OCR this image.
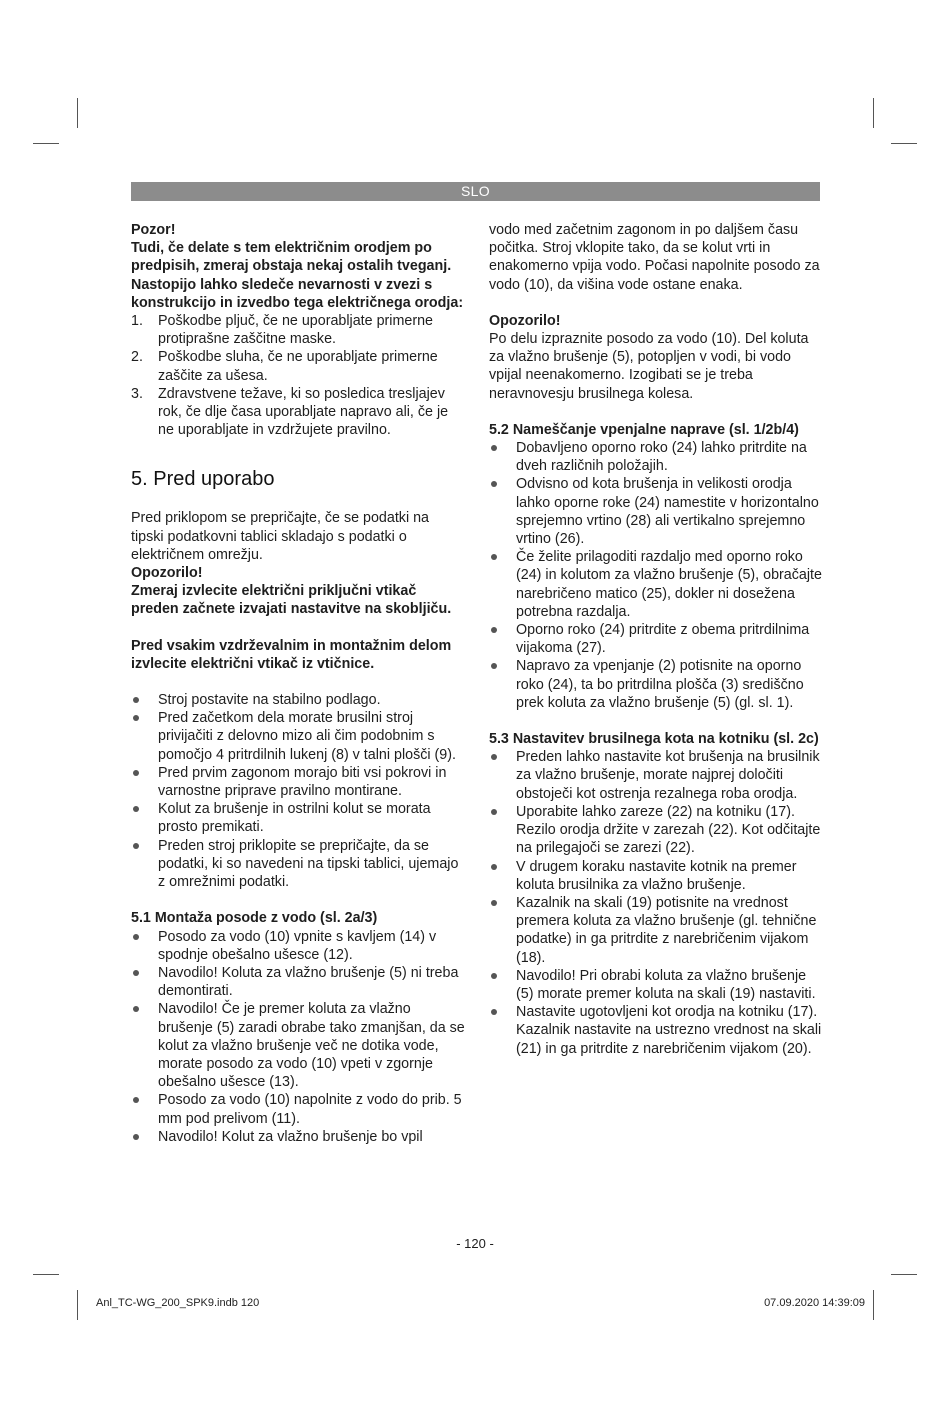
SLO

Pozor!

Tudi, če delate s tem električnim orodjem po predpisih, zmeraj obstaja nekaj ostalih tveganj. Nastopijo lahko sledeče nevarnosti v zvezi s konstrukcijo in izvedbo tega električnega orodja:

1. Poškodbe pljuč, če ne uporabljate primerne protiprašne zaščitne maske.
2. Poškodbe sluha, če ne uporabljate primerne zaščite za ušesa.
3. Zdravstvene težave, ki so posledica tresljajev rok, če dlje časa uporabljate napravo ali, če je ne uporabljate in vzdržujete pravilno.
5. Pred uporabo

Pred priklopom se prepričajte, če se podatki na tipski podatkovni tablici skladajo s podatki o električnem omrežju.

Opozorilo!

Zmeraj izvlecite električni priključni vtikač preden začnete izvajati nastavitve na skobljiču.

Pred vsakim vzdrževalnim in montažnim delom izvlecite električni vtikač iz vtičnice.

Stroj postavite na stabilno podlago.
Pred začetkom dela morate brusilni stroj privijačiti z delovno mizo ali čim podobnim s pomočjo 4 pritrdilnih lukenj (8) v talni plošči (9).
Pred prvim zagonom morajo biti vsi pokrovi in varnostne priprave pravilno montirane.
Kolut za brušenje in ostrilni kolut se morata prosto premikati.
Preden stroj priklopite se prepričajte, da se podatki, ki so navedeni na tipski tablici, ujemajo z omrežnimi podatki.
5.1 Montaža posode z vodo (sl. 2a/3)
Posodo za vodo (10) vpnite s kavljem (14) v spodnje obešalno ušesce (12).
Navodilo! Koluta za vlažno brušenje (5) ni treba demontirati.
Navodilo! Če je premer koluta za vlažno brušenje (5) zaradi obrabe tako zmanjšan, da se kolut za vlažno brušenje več ne dotika vode, morate posodo za vodo (10) vpeti v zgornje obešalno ušesce (13).
Posodo za vodo (10) napolnite z vodo do prib. 5 mm pod prelivom (11).
Navodilo! Kolut za vlažno brušenje bo vpil

vodo med začetnim zagonom in po daljšem času počitka. Stroj vklopite tako, da se kolut vrti in enakomerno vpija vodo. Počasi napolnite posodo za vodo (10), da višina vode ostane enaka.

Opozorilo!

Po delu izpraznite posodo za vodo (10). Del koluta za vlažno brušenje (5), potopljen v vodi, bi vodo vpijal neenakomerno. Izogibati se je treba neravnovesju brusilnega kolesa.

5.2 Nameščanje vpenjalne naprave (sl. 1/2b/4)
Dobavljeno oporno roko (24) lahko pritrdite na dveh različnih položajih.
Odvisno od kota brušenja in velikosti orodja lahko oporne roke (24) namestite v horizontalno sprejemno vrtino (28) ali vertikalno sprejemno vrtino (26).
Če želite prilagoditi razdaljo med oporno roko (24) in kolutom za vlažno brušenje (5), obračajte narebričeno matico (25), dokler ni dosežena potrebna razdalja.
Oporno roko (24) pritrdite z obema pritrdilnima vijakoma (27).
Napravo za vpenjanje (2) potisnite na oporno roko (24), ta bo pritrdilna plošča (3) središčno prek koluta za vlažno brušenje (5) (gl. sl. 1).
5.3 Nastavitev brusilnega kota na kotniku (sl. 2c)
Preden lahko nastavite kot brušenja na brusilnik za vlažno brušenje, morate najprej določiti obstoječi kot ostrenja rezalnega roba orodja.
Uporabite lahko zareze (22) na kotniku (17). Rezilo orodja držite v zarezah (22). Kot odčitajte na prilegajoči se zarezi (22).
V drugem koraku nastavite kotnik na premer koluta brusilnika za vlažno brušenje.
Kazalnik na skali (19) potisnite na vrednost premera koluta za vlažno brušenje (gl. tehnične podatke) in ga pritrdite z narebričenim vijakom (18).
Navodilo! Pri obrabi koluta za vlažno brušenje (5) morate premer koluta na skali (19) nastaviti.
Nastavite ugotovljeni kot orodja na kotniku (17). Kazalnik nastavite na ustrezno vrednost na skali (21) in ga pritrdite z narebričenim vijakom (20).
- 120 -
Anl_TC-WG_200_SPK9.indb 120	07.09.2020 14:39:09
